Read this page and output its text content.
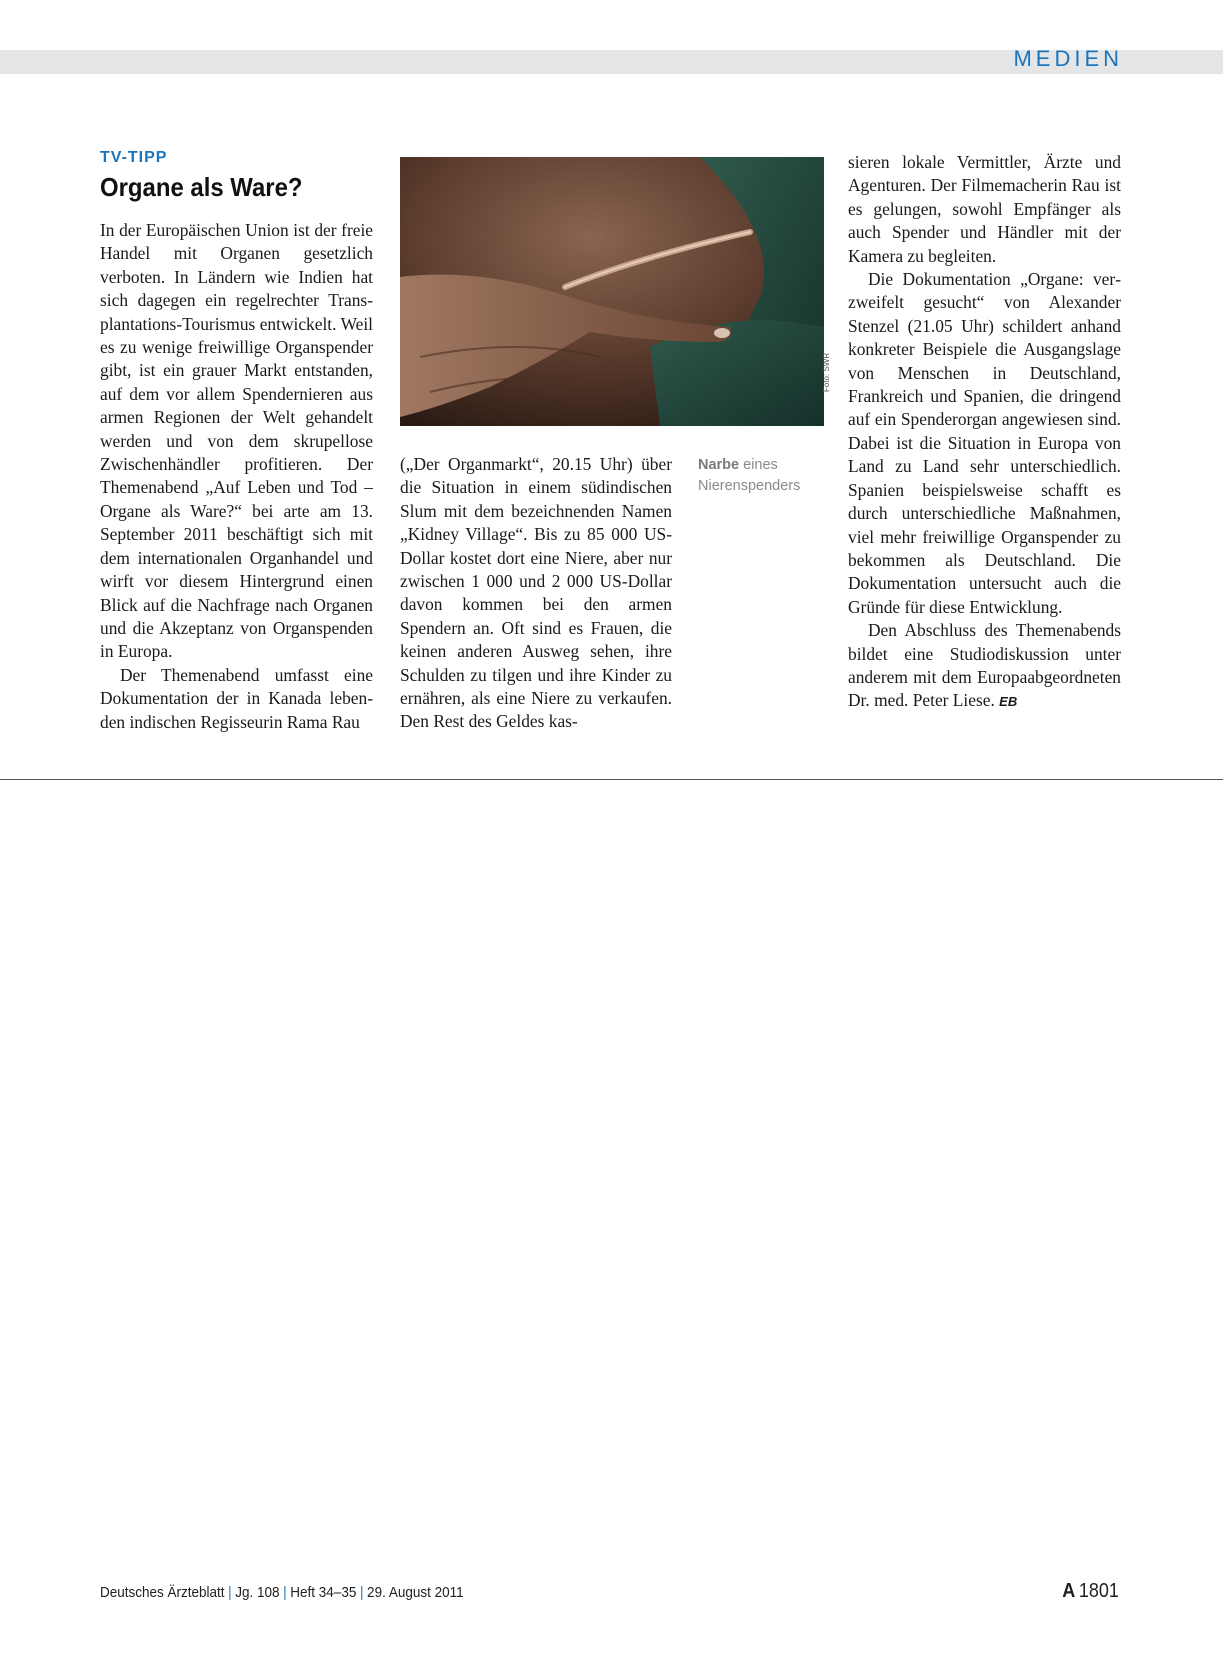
MEDIEN
TV-TIPP
Organe als Ware?

In der Europäischen Union ist der freie Handel mit Organen gesetzlich verboten. In Ländern wie Indien hat sich dagegen ein regelrechter Transplantations-Tourismus entwickelt. Weil es zu wenige freiwillige Organspender gibt, ist ein grauer Markt entstanden, auf dem vor allem Spendernieren aus armen Regionen der Welt gehandelt werden und von dem skrupellose Zwischenhändler profitieren. Der Themenabend „Auf Leben und Tod – Organe als Ware?“ bei arte am 13. September 2011 beschäftigt sich mit dem internationalen Organhandel und wirft vor diesem Hintergrund einen Blick auf die Nachfrage nach Organen und die Akzeptanz von Organspenden in Europa.

Der Themenabend umfasst eine Dokumentation der in Kanada lebenden indischen Regisseurin Rama Rau

Foto: SWR
Narbe eines Nierenspenders

(„Der Organmarkt“, 20.15 Uhr) über die Situation in einem südindischen Slum mit dem bezeichnenden Namen „Kidney Village“. Bis zu 85 000 US-Dollar kostet dort eine Niere, aber nur zwischen 1 000 und 2 000 US-Dollar davon kommen bei den armen Spendern an. Oft sind es Frauen, die keinen anderen Ausweg sehen, ihre Schulden zu tilgen und ihre Kinder zu ernähren, als eine Niere zu verkaufen. Den Rest des Geldes kas-

sieren lokale Vermittler, Ärzte und Agenturen. Der Filmemacherin Rau ist es gelungen, sowohl Empfänger als auch Spender und Händler mit der Kamera zu begleiten.

Die Dokumentation „Organe: verzweifelt gesucht“ von Alexander Stenzel (21.05 Uhr) schildert anhand konkreter Beispiele die Ausgangslage von Menschen in Deutschland, Frankreich und Spanien, die dringend auf ein Spenderorgan angewiesen sind. Dabei ist die Situation in Europa von Land zu Land sehr unterschiedlich. Spanien beispielsweise schafft es durch unterschiedliche Maßnahmen, viel mehr freiwillige Organspender zu bekommen als Deutschland. Die Dokumentation untersucht auch die Gründe für diese Entwicklung.

Den Abschluss des Themenabends bildet eine Studiodiskussion unter anderem mit dem Europaabgeordneten Dr. med. Peter Liese. EB

Deutsches Ärzteblatt | Jg. 108 | Heft 34–35 | 29. August 2011	A 1801
